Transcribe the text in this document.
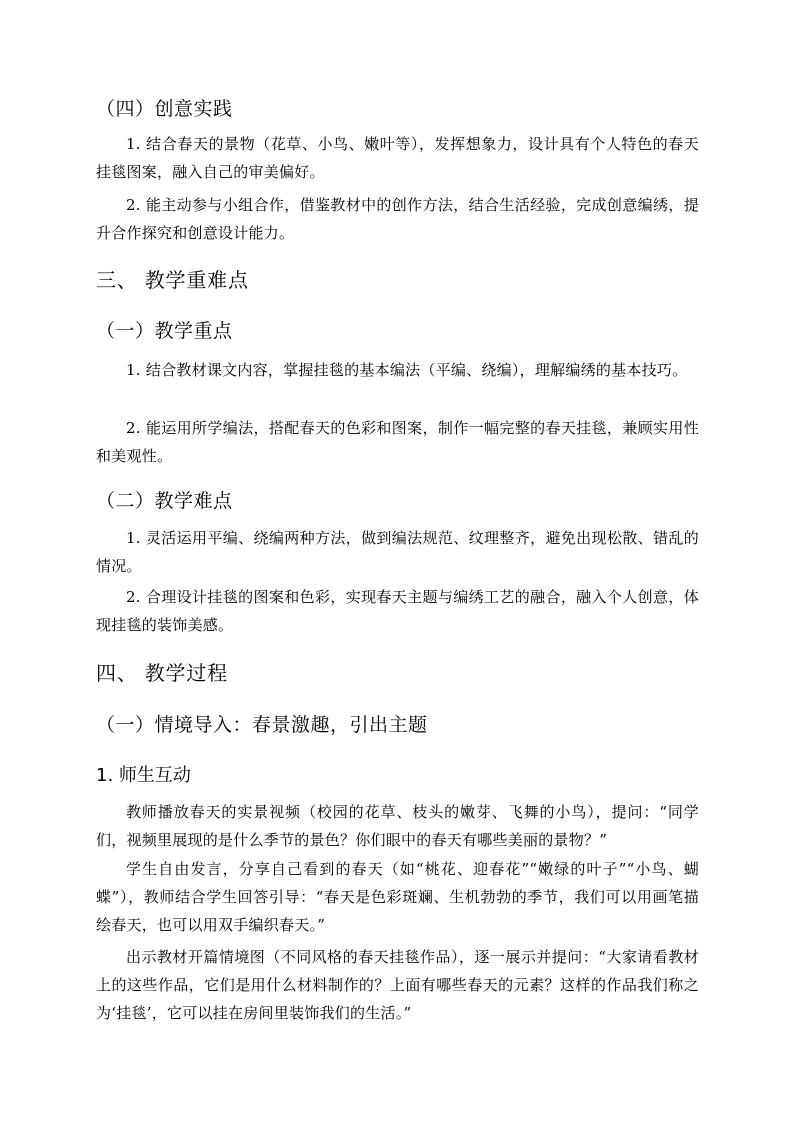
（四）创意实践
1. 结合春天的景物（花草、小鸟、嫩叶等），发挥想象力，设计具有个人特色的春天挂毯图案，融入自己的审美偏好。
2. 能主动参与小组合作，借鉴教材中的创作方法，结合生活经验，完成创意编绣，提升合作探究和创意设计能力。
三、 教学重难点
（一）教学重点
1. 结合教材课文内容，掌握挂毯的基本编法（平编、绕编），理解编绣的基本技巧。
2. 能运用所学编法，搭配春天的色彩和图案，制作一幅完整的春天挂毯，兼顾实用性和美观性。
（二）教学难点
1. 灵活运用平编、绕编两种方法，做到编法规范、纹理整齐，避免出现松散、错乱的情况。
2. 合理设计挂毯的图案和色彩，实现春天主题与编绣工艺的融合，融入个人创意，体现挂毯的装饰美感。
四、 教学过程
（一）情境导入：春景激趣，引出主题
1. 师生互动
教师播放春天的实景视频（校园的花草、枝头的嫩芽、飞舞的小鸟），提问：“同学们，视频里展现的是什么季节的景色？你们眼中的春天有哪些美丽的景物？”
学生自由发言，分享自己看到的春天（如“桃花、迎春花”“嫩绿的叶子”“小鸟、蝴蝶”），教师结合学生回答引导：“春天是色彩斑斓、生机勃勃的季节，我们可以用画笔描绘春天，也可以用双手编织春天。”
出示教材开篇情境图（不同风格的春天挂毯作品），逐一展示并提问：“大家请看教材上的这些作品，它们是用什么材料制作的？上面有哪些春天的元素？这样的作品我们称之为‘挂毯’，它可以挂在房间里装饰我们的生活。”
